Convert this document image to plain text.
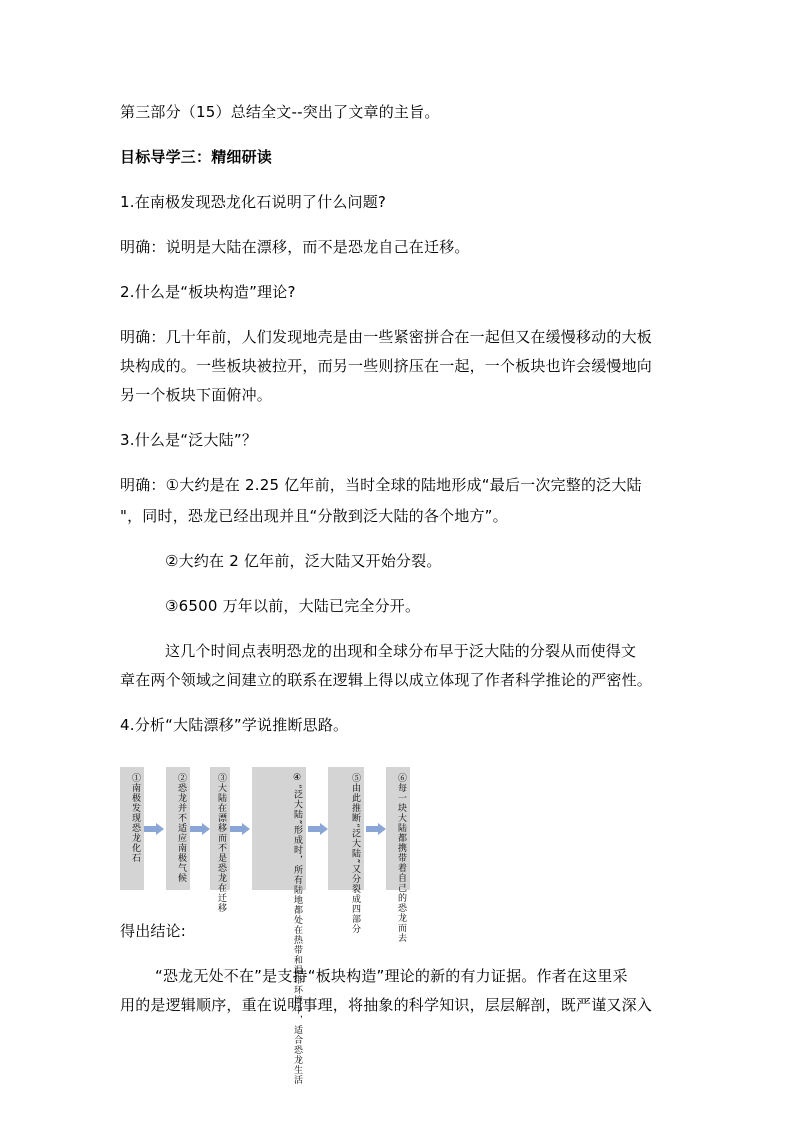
第三部分（15）总结全文--突出了文章的主旨。
目标导学三：精细研读
1.在南极发现恐龙化石说明了什么问题?
明确：说明是大陆在漂移，而不是恐龙自己在迁移。
2.什么是“板块构造”理论?
明确：几十年前，人们发现地壳是由一些紧密拼合在一起但又在缓慢移动的大板
块构成的。一些板块被拉开，而另一些则挤压在一起，一个板块也许会缓慢地向
另一个板块下面俯冲。
3.什么是“泛大陆”？
明确：①大约是在 2.25 亿年前，当时全球的陆地形成“最后一次完整的泛大陆
"，同时，恐龙已经出现并且“分散到泛大陆的各个地方”。
②大约在 2 亿年前，泛大陆又开始分裂。
③6500 万年以前，大陆已完全分开。
这几个时间点表明恐龙的出现和全球分布早于泛大陆的分裂从而使得文
章在两个领域之间建立的联系在逻辑上得以成立体现了作者科学推论的严密性。
4.分析“大陆漂移”学说推断思路。
①南极发现恐龙化石	②恐龙并不适应南极气候	③大陆在漂移而不是恐龙在迁移	④“泛大陆”形成时，所有陆地都处在热带和温带环境中，适合恐龙生活	⑤由此推断“泛大陆”又分裂成四部分	⑥每一块大陆都携带着自己的恐龙而去
得出结论:
“恐龙无处不在”是支持“板块构造”理论的新的有力证据。作者在这里采
用的是逻辑顺序，重在说明事理，将抽象的科学知识，层层解剖，既严谨又深入
